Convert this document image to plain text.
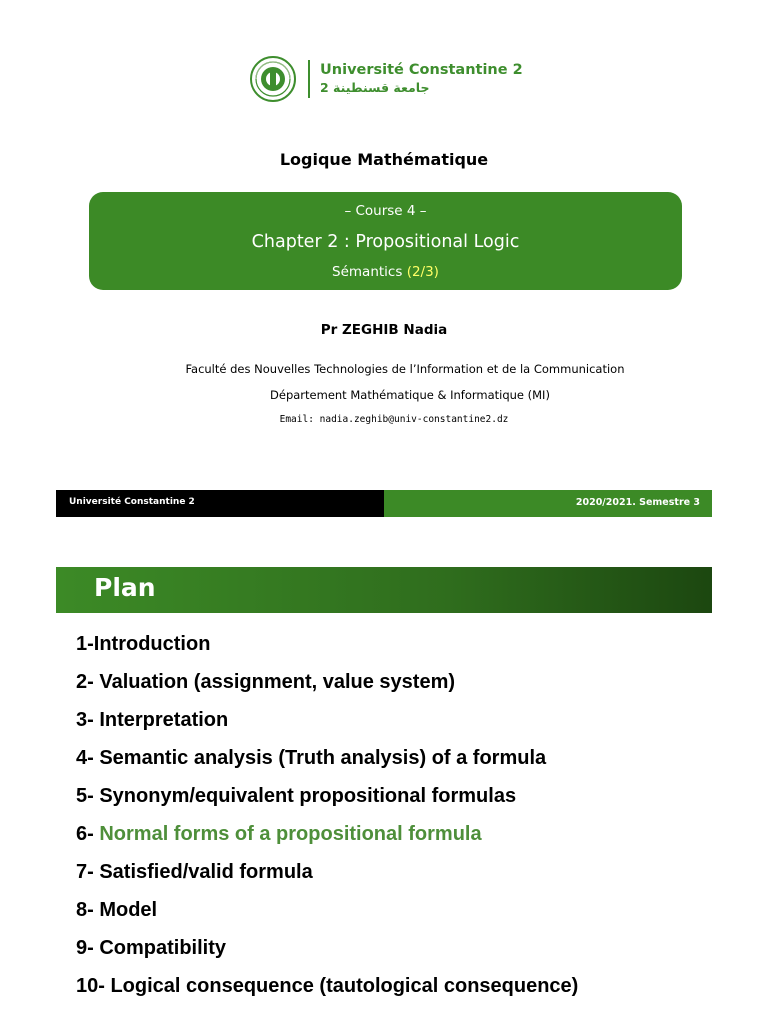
Université Constantine 2
جامعة قسنطينة 2
Logique Mathématique
– Course 4 –
Chapter 2 : Propositional Logic
Sémantics (2/3)
Pr ZEGHIB Nadia
Faculté des Nouvelles Technologies de l’Information et de la Communication
Département Mathématique & Informatique (MI)
Email: nadia.zeghib@univ-constantine2.dz
Université Constantine 2	2020/2021. Semestre 3
Plan
1-Introduction
2- Valuation (assignment, value system)
3- Interpretation
4- Semantic analysis (Truth analysis) of a formula
5- Synonym/equivalent propositional formulas
6- Normal forms of a propositional formula
7- Satisfied/valid formula
8- Model
9- Compatibility
10- Logical consequence (tautological consequence)
